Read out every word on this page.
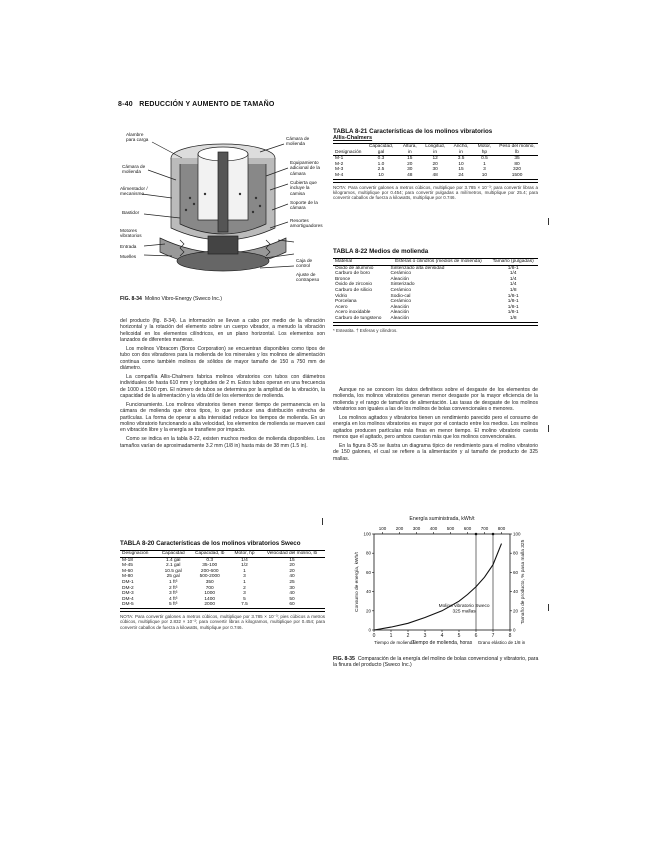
8-40 REDUCCIÓN Y AUMENTO DE TAMAÑO
Alambre para carga
Cámara de molienda
Alimentador / mecanismo
Bastidor
Motores vibratorios
Entrada
Muelles
Cámara de molienda
Equipamiento adicional de la cámara
Cubierta que incluye la camisa
Soporte de la cámara
Resortes amortiguadores
Caja de control
Ajuste de contrapeso
FIG. 8-34 Molino Vibro-Energy (Sweco Inc.)

del producto (fig. 8-34). La información se llevan a cabo por medio de la vibración horizontal y la rotación del elemento sobre un cuerpo vibrador, a menudo la vibración helicoidal en los elementos cilíndricos, en un plano horizontal. Los elementos son lanzados de diferentes maneras.

Los molinos Vibracom (Boros Corporation) se encuentran disponibles como tipos de tubo con dos vibradores para la molienda de los minerales y los molinos de alimentación continua como también molinos de sólidos de mayor tamaño de 150 a 750 mm de diámetro.

La compañía Allis-Chalmers fabrica molinos vibratorios con tubos con diámetros individuales de hasta 610 mm y longitudes de 2 m. Estos tubos operan en una frecuencia de 1000 a 1500 rpm. El número de tubos se determina por la amplitud de la vibración, la capacidad de la alimentación y la vida útil de los elementos de molienda.

Funcionamiento. Los molinos vibratorios tienen menor tiempo de permanencia en la cámara de molienda que otros tipos, lo que produce una distribución estrecha de partículas. La forma de operar a alta intensidad reduce los tiempos de molienda. En un molino vibratorio funcionando a alta velocidad, los elementos de molienda se mueven casi en vibración libre y la energía se transfiere por impacto.

Como se indica en la tabla 8-22, existen muchos medios de molienda disponibles. Los tamaños varían de aproximadamente 3.2 mm (1/8 in) hasta más de 38 mm (1.5 in).

TABLA 8-20 Características de los molinos vibratorios Sweco
Designación	Capacidad	Capacidad, lb	Motor, hp	Velocidad del molino, lb
M-18	1.4 gal	0.3	1/4	15
M-45	2.1 gal	35-100	1/2	20
M-60	10.5 gal	200-600	1	20
M-80	25 gal	500-2000	3	40
DM-1	1 ft³	350	1	25
DM-2	2 ft³	700	2	30
DM-3	3 ft³	1000	3	40
DM-4	4 ft³	1400	5	50
DM-5	5 ft³	2000	7.5	60
NOTA: Para convertir galones a metros cúbicos, multiplique por 3.785 × 10⁻³; pies cúbicos a metros cúbicos, multiplique por 2.832 × 10⁻²; para convertir libras a kilogramos, multiplique por 0.454; para convertir caballos de fuerza a kilowatts, multiplique por 0.746.
TABLA 8-21 Características de los molinos vibratorios
Allis-Chalmers
Designación	Capacidad, gal	Altura, in	Longitud, in	Ancho, in	Motor, hp	Peso del molino, lb
M-1	0.3	15	12	3.5	0.5	35
M-2	1.0	20	20	10	1	80
M-3	2.5	30	30	15	3	320
M-4	10	48	48	24	10	1500
NOTA: Para convertir galones a metros cúbicos, multiplique por 3.785 × 10⁻³; para convertir libras a kilogramos, multiplique por 0.454; para convertir pulgadas a milímetros, multiplique por 25.4; para convertir caballos de fuerza a kilowatts, multiplique por 0.746.
TABLA 8-22 Medios de molienda
Material	Esferas o cilindros (medios de molienda)	Tamaño (pulgadas)
Óxido de aluminio	Sinterizado alta densidad	1/8-1
Carburo de boro	Cerámico	1/4
Bronce	Aleación	1/4
Óxido de zirconio	Sinterizado	1/4
Carburo de silicio	Cerámico	1/8
Vidrio	Sodio-cal	1/8-1
Porcelana	Cerámico	1/8-1
Acero	Aleación	1/8-1
Acero inoxidable	Aleación	1/8-1
Carburo de tungsteno	Aleación	1/8
* Esteatita. † Esferas y cilindros.

Aunque no se conocen los datos definitivos sobre el desgaste de los elementos de molienda, los molinos vibratorios generan menor desgaste por la mayor eficiencia de la molienda y el rango de tamaños de alimentación. Las tasas de desgaste de los molinos vibratorios son iguales a las de los molinos de bolas convencionales o menores.

Los molinos agitados y vibratorios tienen un rendimiento parecido pero el consumo de energía en los molinos vibratorios es mayor por el contacto entre los medios. Los molinos agitados producen partículas más finas en menor tiempo. El molino vibratorio cuesta menos que el agitado, pero ambos cuestan más que los molinos convencionales.

En la figura 8-35 se ilustra un diagrama típico de rendimiento para el molino vibratorio de 150 galones, el cual se refiere a la alimentación y al tamaño de producto de 325 mallas.

0	1	2	3	4	5	6	7	8
100 200 300 400 500 600 700 800
0	0
20	20
40	40
60	60
80	80
100	100
Energía suministrada, kWh/t
Consumo de energía, kWh/t	Tamaño de producto, % pasa malla 325
Tiempo de molienda, horas
Molino vibratorio Sweco
325 mallas
Tiempo de molienda	Grano elástico de 1/8 in
FIG. 8-35 Comparación de la energía del molino de bolas convencional y vibratorio, para la finura del producto (Sweco Inc.)
